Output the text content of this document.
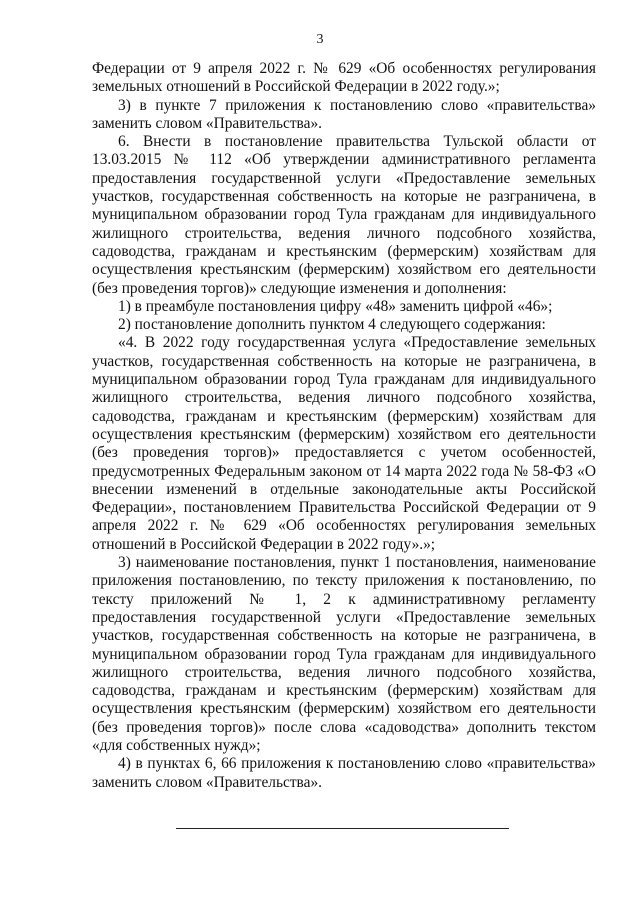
3

Федерации от 9 апреля 2022 г. № 629 «Об особенностях регулирования земельных отношений в Российской Федерации в 2022 году.»;

3) в пункте 7 приложения к постановлению слово «правительства» заменить словом «Правительства».

6. Внести в постановление правительства Тульской области от 13.03.2015 № 112 «Об утверждении административного регламента предоставления государственной услуги «Предоставление земельных участков, государственная собственность на которые не разграничена, в муниципальном образовании город Тула гражданам для индивидуального жилищного строительства, ведения личного подсобного хозяйства, садоводства, гражданам и крестьянским (фермерским) хозяйствам для осуществления крестьянским (фермерским) хозяйством его деятельности (без проведения торгов)» следующие изменения и дополнения:

1) в преамбуле постановления цифру «48» заменить цифрой «46»;

2) постановление дополнить пунктом 4 следующего содержания:

«4. В 2022 году государственная услуга «Предоставление земельных участков, государственная собственность на которые не разграничена, в муниципальном образовании город Тула гражданам для индивидуального жилищного строительства, ведения личного подсобного хозяйства, садоводства, гражданам и крестьянским (фермерским) хозяйствам для осуществления крестьянским (фермерским) хозяйством его деятельности (без проведения торгов)» предоставляется с учетом особенностей, предусмотренных Федеральным законом от 14 марта 2022 года № 58-ФЗ «О внесении изменений в отдельные законодательные акты Российской Федерации», постановлением Правительства Российской Федерации от 9 апреля 2022 г. № 629 «Об особенностях регулирования земельных отношений в Российской Федерации в 2022 году».»;

3) наименование постановления, пункт 1 постановления, наименование приложения постановлению, по тексту приложения к постановлению, по тексту приложений № 1, 2 к административному регламенту предоставления государственной услуги «Предоставление земельных участков, государственная собственность на которые не разграничена, в муниципальном образовании город Тула гражданам для индивидуального жилищного строительства, ведения личного подсобного хозяйства, садоводства, гражданам и крестьянским (фермерским) хозяйствам для осуществления крестьянским (фермерским) хозяйством его деятельности (без проведения торгов)» после слова «садоводства» дополнить текстом «для собственных нужд»;

4) в пунктах 6, 66 приложения к постановлению слово «правительства» заменить словом «Правительства».
